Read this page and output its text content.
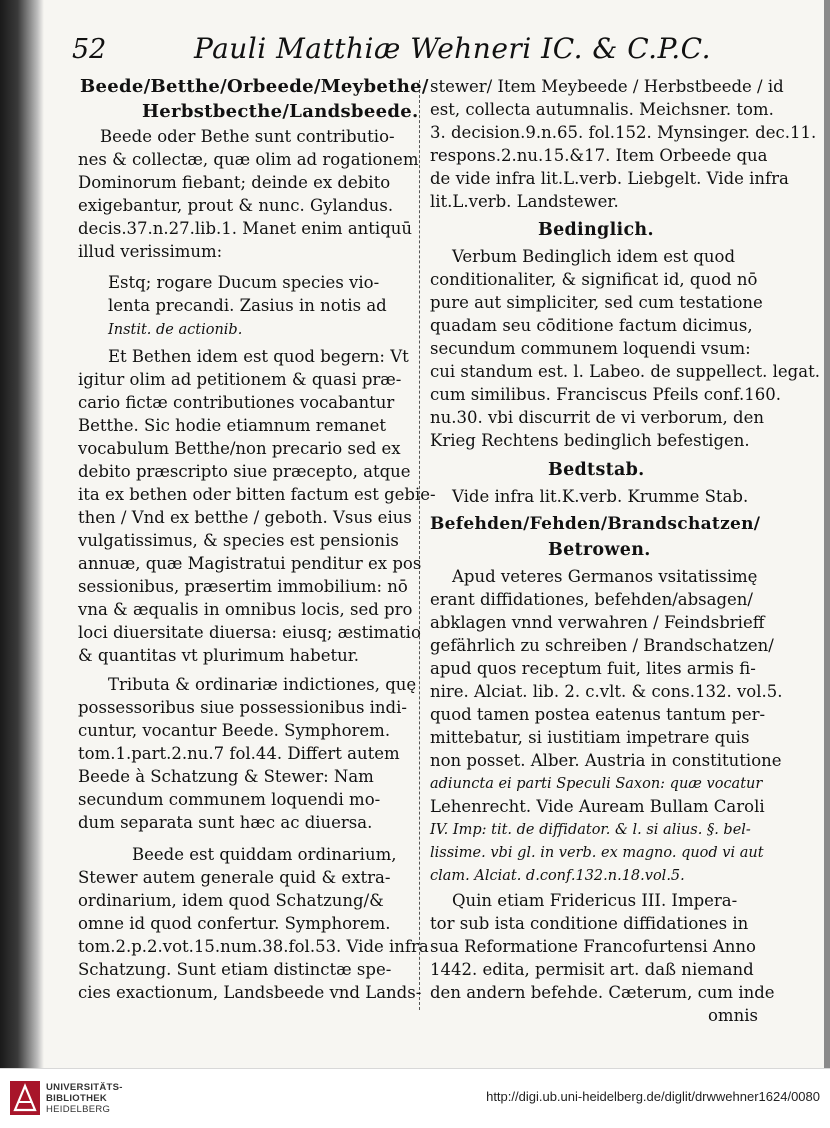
52	Pauli Matthiæ Wehneri IC. & C.P.C.
Beede/Betthe/Orbeede/Meybethe/
Herbstbecthe/Landsbeede.
Beede oder Bethe sunt contributio-
nes & collectæ, quæ olim ad rogationem
Dominorum fiebant; deinde ex debito
exigebantur, prout & nunc. Gylandus.
decis.37.n.27.lib.1. Manet enim antiquū
illud verissimum:
Estq; rogare Ducum species vio-
lenta precandi. Zasius in notis ad
Instit. de actionib.
Et Bethen idem est quod begern: Vt
igitur olim ad petitionem & quasi præ-
cario fictæ contributiones vocabantur
Betthe. Sic hodie etiamnum remanet
vocabulum Betthe/non precario sed ex
debito præscripto siue præcepto, atque
ita ex bethen oder bitten factum est gebie-
then / Vnd ex betthe / geboth. Vsus eius
vulgatissimus, & species est pensionis
annuæ, quæ Magistratui penditur ex pos
sessionibus, præsertim immobilium: nō
vna & æqualis in omnibus locis, sed pro
loci diuersitate diuersa: eiusq; æstimatio
& quantitas vt plurimum habetur.
Tributa & ordinariæ indictiones, quę
possessoribus siue possessionibus indi-
cuntur, vocantur Beede. Symphorem.
tom.1.part.2.nu.7 fol.44. Differt autem
Beede à Schatzung & Stewer: Nam
secundum communem loquendi mo-
dum separata sunt hæc ac diuersa.
Beede est quiddam ordinarium,
Stewer autem generale quid & extra-
ordinarium, idem quod Schatzung/&
omne id quod confertur. Symphorem.
tom.2.p.2.vot.15.num.38.fol.53. Vide infra
Schatzung. Sunt etiam distinctæ spe-
cies exactionum, Landsbeede vnd Lands-
stewer/ Item Meybeede / Herbstbeede / id
est, collecta autumnalis. Meichsner. tom.
3. decision.9.n.65. fol.152. Mynsinger. dec.11.
respons.2.nu.15.&17. Item Orbeede qua
de vide infra lit.L.verb. Liebgelt. Vide infra
lit.L.verb. Landstewer.
Bedinglich.
Verbum Bedinglich idem est quod
conditionaliter, & significat id, quod nō
pure aut simpliciter, sed cum testatione
quadam seu cōditione factum dicimus,
secundum communem loquendi vsum:
cui standum est. l. Labeo. de suppellect. legat.
cum similibus. Franciscus Pfeils conf.160.
nu.30. vbi discurrit de vi verborum, den
Krieg Rechtens bedinglich befestigen.
Bedtstab.
Vide infra lit.K.verb. Krumme Stab.
Befehden/Fehden/Brandschatzen/
Betrowen.
Apud veteres Germanos vsitatissimę
erant diffidationes, befehden/absagen/
abklagen vnnd verwahren / Feindsbrieff
gefährlich zu schreiben / Brandschatzen/
apud quos receptum fuit, lites armis fi-
nire. Alciat. lib. 2. c.vlt. & cons.132. vol.5.
quod tamen postea eatenus tantum per-
mittebatur, si iustitiam impetrare quis
non posset. Alber. Austria in constitutione
adiuncta ei parti Speculi Saxon: quæ vocatur
Lehenrecht. Vide Auream Bullam Caroli
IV. Imp: tit. de diffidator. & l. si alius. §. bel-
lissime. vbi gl. in verb. ex magno. quod vi aut
clam. Alciat. d.conf.132.n.18.vol.5.
Quin etiam Fridericus III. Impera-
tor sub ista conditione diffidationes in
sua Reformatione Francofurtensi Anno
1442. edita, permisit art. daß niemand
den andern befehde. Cæterum, cum inde
omnis
UNIVERSITÄTS-
BIBLIOTHEK
HEIDELBERG
http://digi.ub.uni-heidelberg.de/diglit/drwwehner1624/0080
